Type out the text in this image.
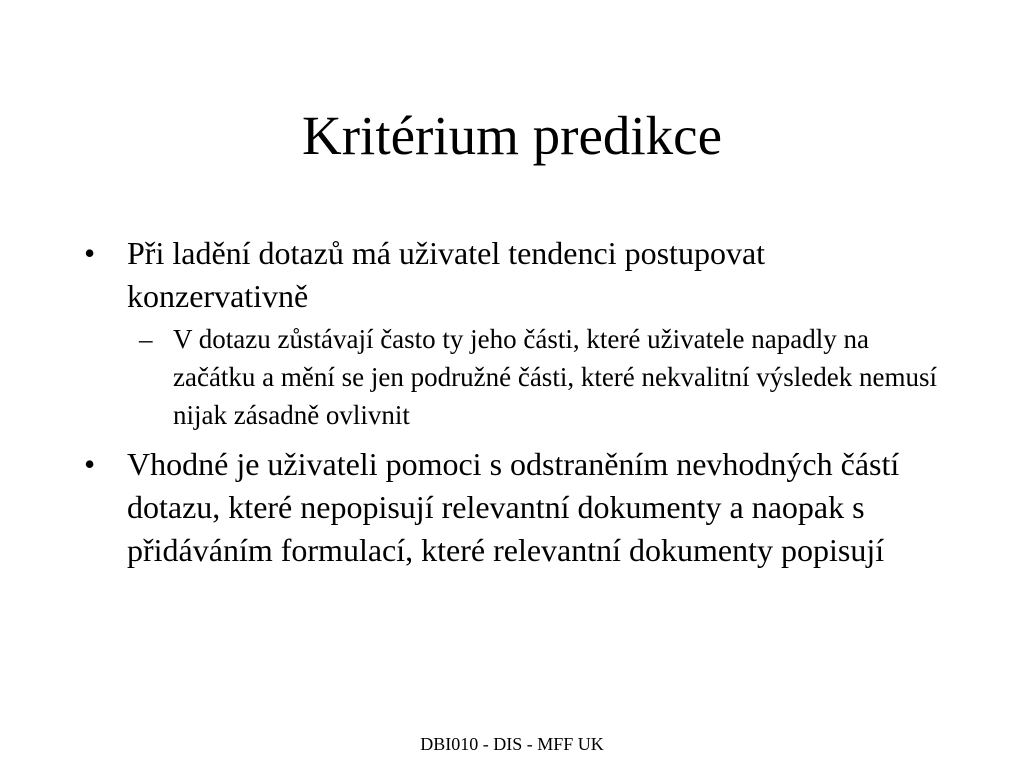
Kritérium predikce
• Při ladění dotazů má uživatel tendenci postupovat konzervativně
– V dotazu zůstávají často ty jeho části, které uživatele napadly na začátku a mění se jen podružné části, které nekvalitní výsledek nemusí nijak zásadně ovlivnit
• Vhodné je uživateli pomoci s odstraněním nevhodných částí dotazu, které nepopisují relevantní dokumenty a naopak s přidáváním formulací, které relevantní dokumenty popisují
DBI010 - DIS - MFF UK
